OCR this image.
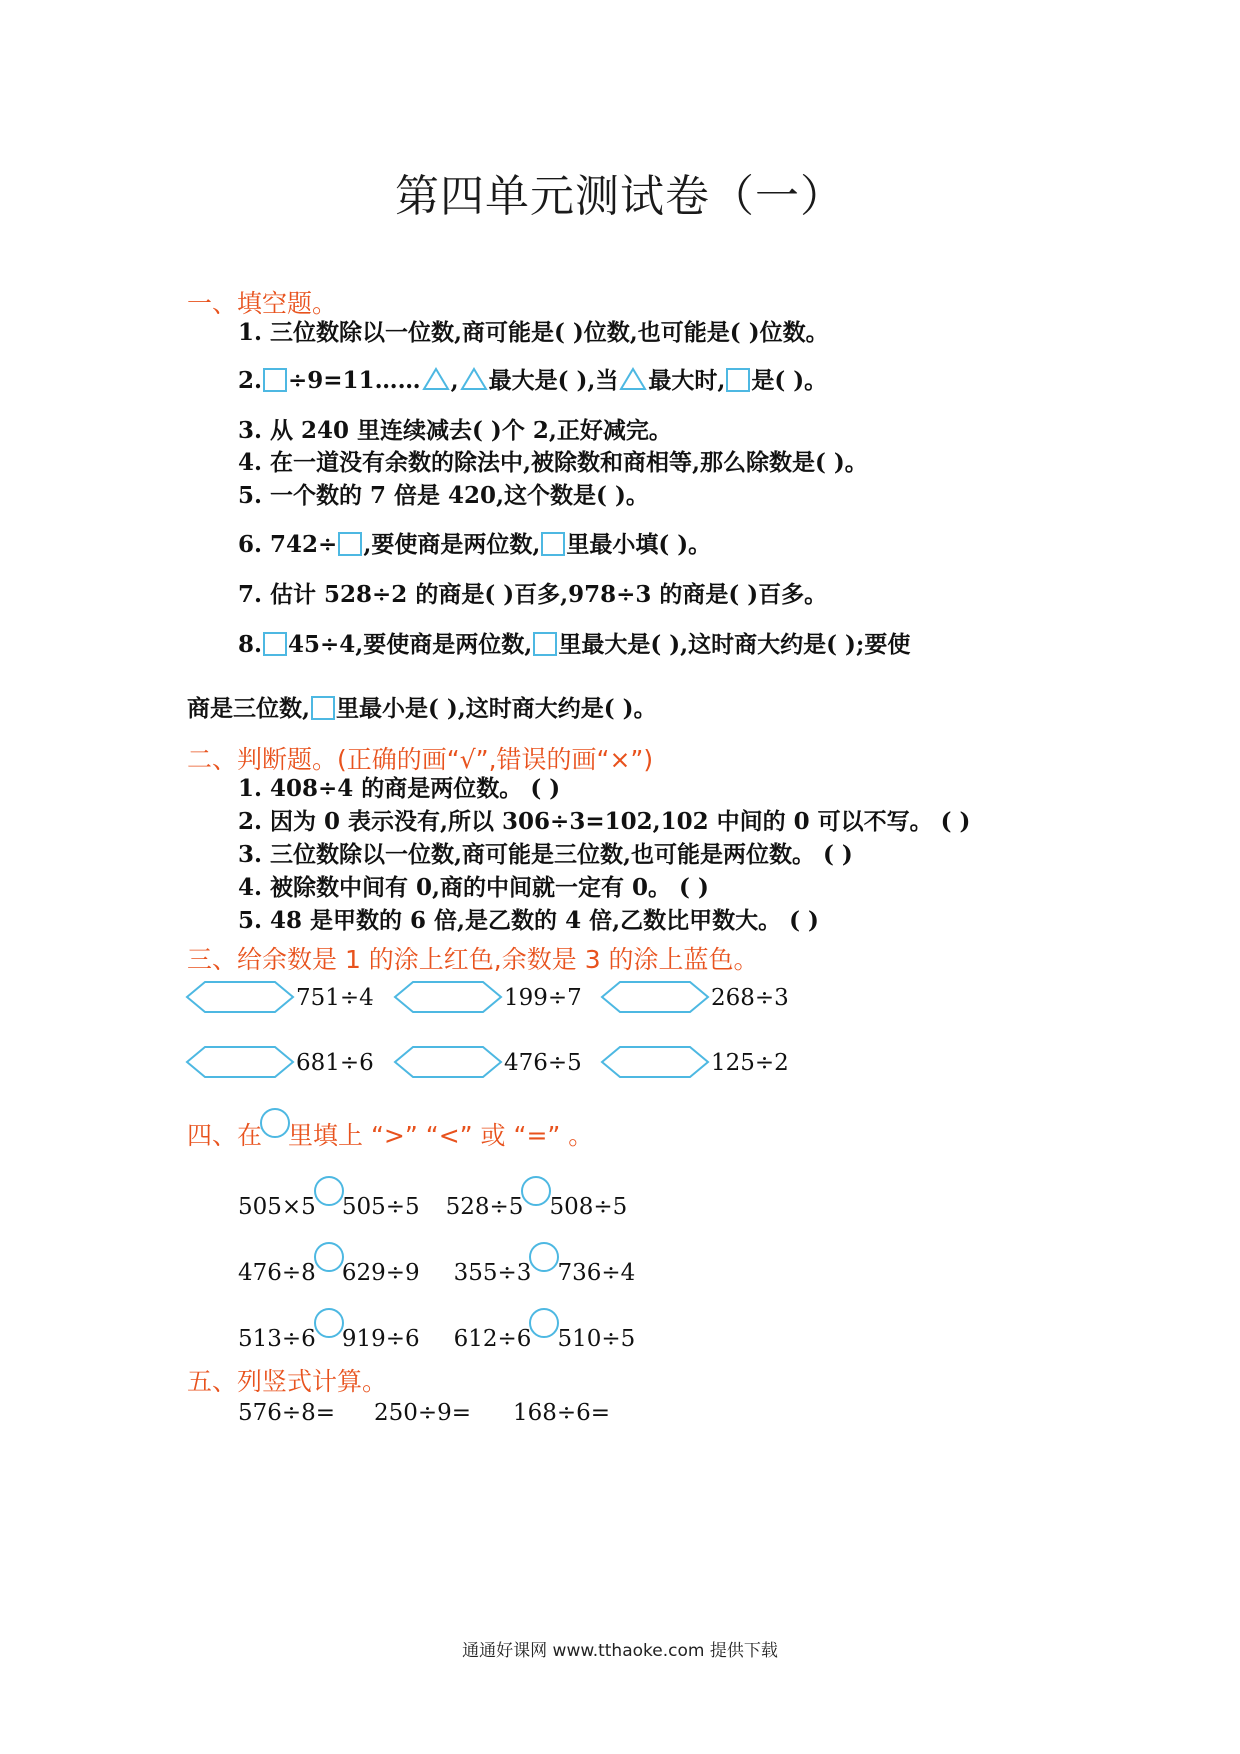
第四单元测试卷（一）
一、填空题。
1. 三位数除以一位数,商可能是( )位数,也可能是( )位数。
2. ÷9=11…… , 最大是( ),当 最大时, 是( )。
3. 从 240 里连续减去( )个 2,正好减完。
4. 在一道没有余数的除法中,被除数和商相等,那么除数是( )。
5. 一个数的 7 倍是 420,这个数是( )。
6. 742÷ ,要使商是两位数, 里最小填( )。
7. 估计 528÷2 的商是( )百多,978÷3 的商是( )百多。
8. 45÷4,要使商是两位数, 里最大是( ),这时商大约是( );要使
商是三位数, 里最小是( ),这时商大约是( )。
二、判断题。(正确的画“√”,错误的画“×”)
1. 408÷4 的商是两位数。 ( )
2. 因为 0 表示没有,所以 306÷3=102,102 中间的 0 可以不写。 ( )
3. 三位数除以一位数,商可能是三位数,也可能是两位数。 ( )
4. 被除数中间有 0,商的中间就一定有 0。 ( )
5. 48 是甲数的 6 倍,是乙数的 4 倍,乙数比甲数大。 ( )
三、给余数是 1 的涂上红色,余数是 3 的涂上蓝色。
751÷4	199÷7	268÷3
681÷6	476÷5	125÷2
四、在 里填上 “>” “<” 或 “=” 。
505×5 505÷5 528÷5 508÷5
476÷8 629÷9 355÷3 736÷4
513÷6 919÷6 612÷6 510÷5
五、列竖式计算。
576÷8= 250÷9= 168÷6=
通通好课网 www.tthaoke.com 提供下载
